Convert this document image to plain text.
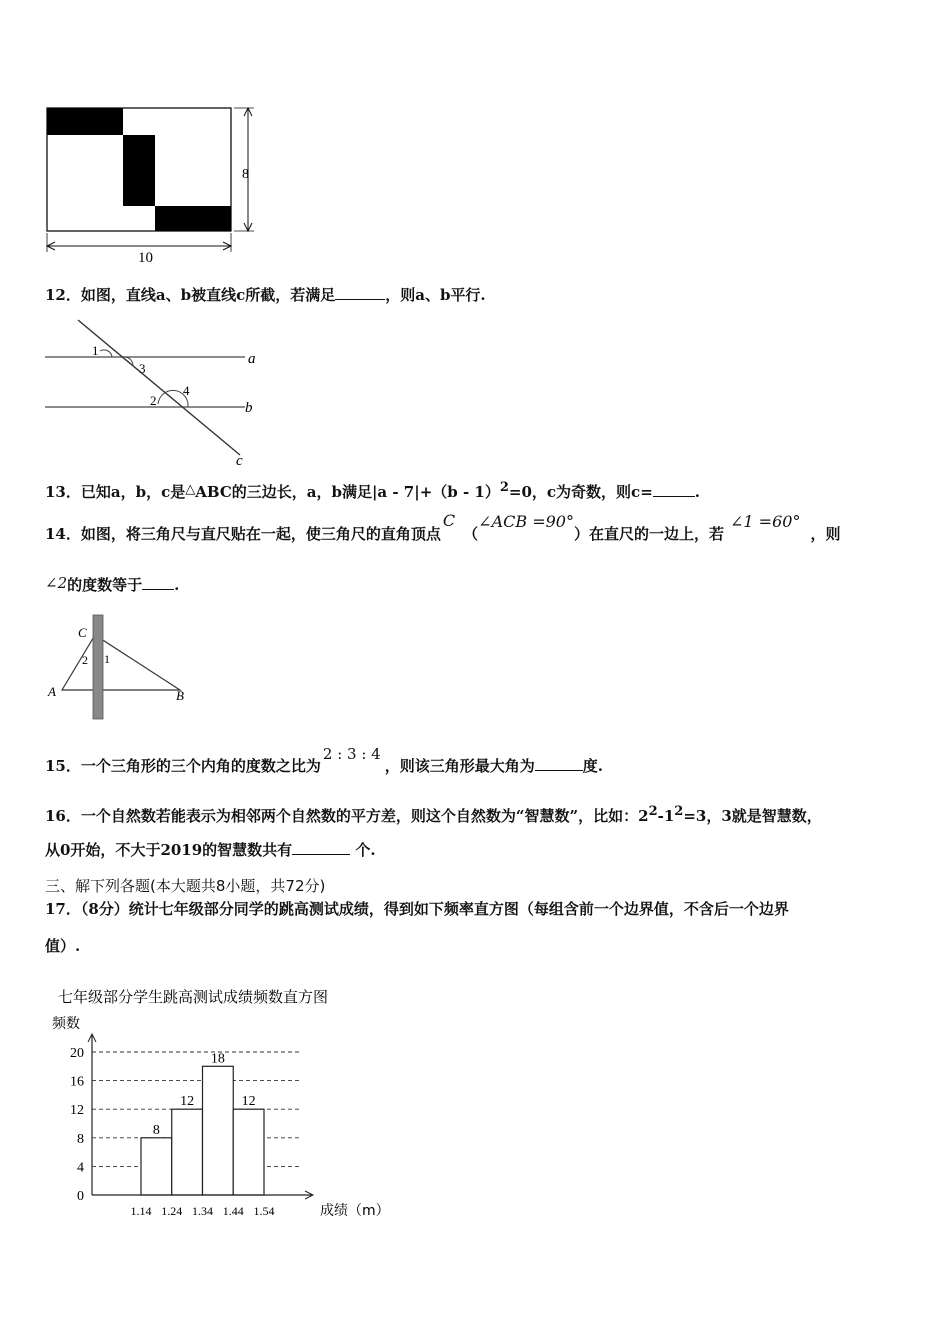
8
10
12．如图，直线a、b被直线c所截，若满足	，则a、b平行.
a
b
c
1
3
2
4
13．已知a，b，c是△ABC的三边长，a，b满足|a - 7|+（b - 1）$^2$=0，c为奇数，则c=	.
14．如图，将三角尺与直尺贴在一起，使三角尺的直角顶点C（∠ACB =90°）在直尺的一边上，若∠1 =60°，则
∠2的度数等于 .
C
A	B
2 1
15．一个三角形的三个内角的度数之比为2 : 3 : 4，则该三角形最大角为	度.
16．一个自然数若能表示为相邻两个自然数的平方差，则这个自然数为“智慧数”，比如：$2^2-1^2=3$，3就是智慧数，
从0开始，不大于2019的智慧数共有	个.
三、解下列各题(本大题共8小题，共72分)
17．（8分）统计七年级部分同学的跳高测试成绩，得到如下频率直方图（每组含前一个边界值，不含后一个边界
值）.
七年级部分学生跳高测试成绩频数直方图
频数
成绩（m）
8
12
18
12
0
4
8
12
16
20
1.14 1.24 1.34 1.44 1.54
